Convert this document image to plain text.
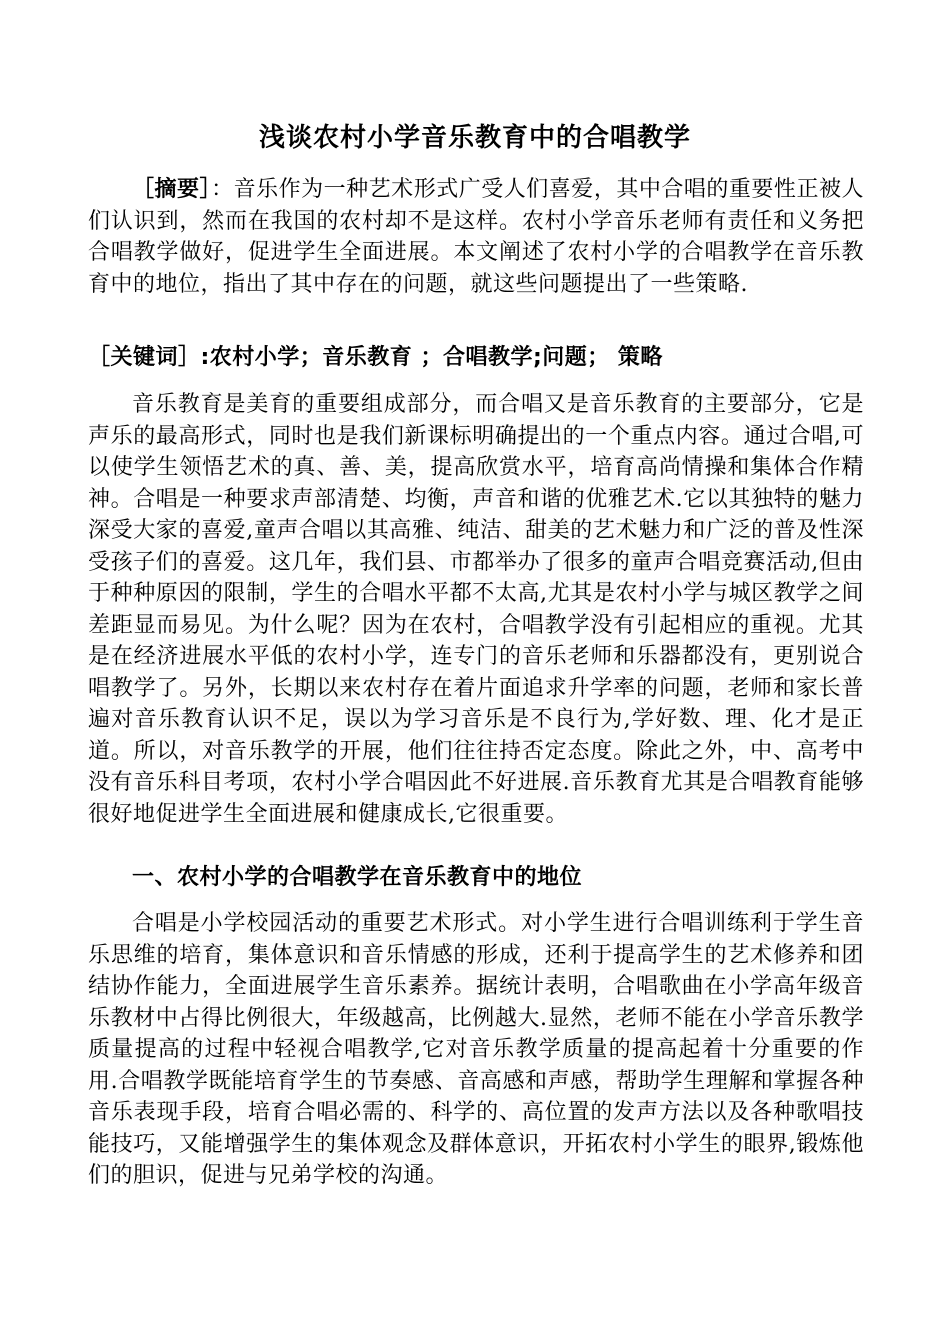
浅谈农村小学音乐教育中的合唱教学
［摘要］：音乐作为一种艺术形式广受人们喜爱，其中合唱的重要性正被人们认识到，然而在我国的农村却不是这样。农村小学音乐老师有责任和义务把合唱教学做好，促进学生全面进展。本文阐述了农村小学的合唱教学在音乐教育中的地位，指出了其中存在的问题，就这些问题提出了一些策略.
［关键词］:农村小学；音乐教育 ；合唱教学;问题； 策略
音乐教育是美育的重要组成部分，而合唱又是音乐教育的主要部分，它是声乐的最高形式，同时也是我们新课标明确提出的一个重点内容。通过合唱,可以使学生领悟艺术的真、善、美，提高欣赏水平，培育高尚情操和集体合作精神。合唱是一种要求声部清楚、均衡，声音和谐的优雅艺术.它以其独特的魅力深受大家的喜爱,童声合唱以其高雅、纯洁、甜美的艺术魅力和广泛的普及性深受孩子们的喜爱。这几年，我们县、市都举办了很多的童声合唱竞赛活动,但由于种种原因的限制，学生的合唱水平都不太高,尤其是农村小学与城区教学之间差距显而易见。为什么呢？因为在农村，合唱教学没有引起相应的重视。尤其是在经济进展水平低的农村小学，连专门的音乐老师和乐器都没有，更别说合唱教学了。另外，长期以来农村存在着片面追求升学率的问题，老师和家长普遍对音乐教育认识不足，误以为学习音乐是不良行为,学好数、理、化才是正道。所以，对音乐教学的开展，他们往往持否定态度。除此之外，中、高考中没有音乐科目考项，农村小学合唱因此不好进展.音乐教育尤其是合唱教育能够很好地促进学生全面进展和健康成长,它很重要。
一、农村小学的合唱教学在音乐教育中的地位
合唱是小学校园活动的重要艺术形式。对小学生进行合唱训练利于学生音乐思维的培育，集体意识和音乐情感的形成，还利于提高学生的艺术修养和团结协作能力，全面进展学生音乐素养。据统计表明，合唱歌曲在小学高年级音乐教材中占得比例很大，年级越高，比例越大.显然，老师不能在小学音乐教学质量提高的过程中轻视合唱教学,它对音乐教学质量的提高起着十分重要的作用.合唱教学既能培育学生的节奏感、音高感和声感，帮助学生理解和掌握各种音乐表现手段，培育合唱必需的、科学的、高位置的发声方法以及各种歌唱技能技巧，又能增强学生的集体观念及群体意识，开拓农村小学生的眼界,锻炼他们的胆识，促进与兄弟学校的沟通。
